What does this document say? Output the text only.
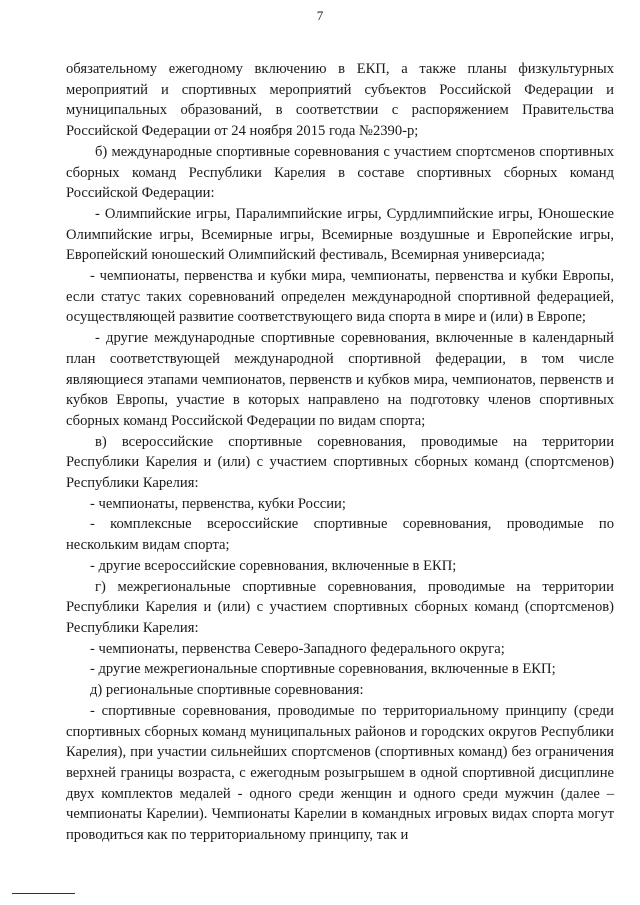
7

обязательному ежегодному включению в ЕКП, а также планы физкультурных мероприятий и спортивных мероприятий субъектов Российской Федерации и муниципальных образований, в соответствии с распоряжением Правительства Российской Федерации от 24 ноября 2015 года №2390-р;

б) международные спортивные соревнования с участием спортсменов спортивных сборных команд Республики Карелия в составе спортивных сборных команд Российской Федерации:

- Олимпийские игры, Паралимпийские игры, Сурдлимпийские игры, Юношеские Олимпийские игры, Всемирные игры, Всемирные воздушные и Европейские игры, Европейский юношеский Олимпийский фестиваль, Всемирная универсиада;

- чемпионаты, первенства и кубки мира, чемпионаты, первенства и кубки Европы, если статус таких соревнований определен международной спортивной федерацией, осуществляющей развитие соответствующего вида спорта в мире и (или) в Европе;

- другие международные спортивные соревнования, включенные в календарный план соответствующей международной спортивной федерации, в том числе являющиеся этапами чемпионатов, первенств и кубков мира, чемпионатов, первенств и кубков Европы, участие в которых направлено на подготовку членов спортивных сборных команд Российской Федерации по видам спорта;

в) всероссийские спортивные соревнования, проводимые на территории Республики Карелия и (или) с участием спортивных сборных команд (спортсменов) Республики Карелия:

- чемпионаты, первенства, кубки России;

- комплексные всероссийские спортивные соревнования, проводимые по нескольким видам спорта;

- другие всероссийские соревнования, включенные в ЕКП;

г) межрегиональные спортивные соревнования, проводимые на территории Республики Карелия и (или) с участием спортивных сборных команд (спортсменов) Республики Карелия:

- чемпионаты, первенства Северо-Западного федерального округа;

- другие межрегиональные спортивные соревнования, включенные в ЕКП;

д) региональные спортивные соревнования:

- спортивные соревнования, проводимые по территориальному принципу (среди спортивных сборных команд муниципальных районов и городских округов Республики Карелия), при участии сильнейших спортсменов (спортивных команд) без ограничения верхней границы возраста, с ежегодным розыгрышем в одной спортивной дисциплине двух комплектов медалей - одного среди женщин и одного среди мужчин (далее – чемпионаты Карелии). Чемпионаты Карелии в командных игровых видах спорта могут проводиться как по территориальному принципу, так и
